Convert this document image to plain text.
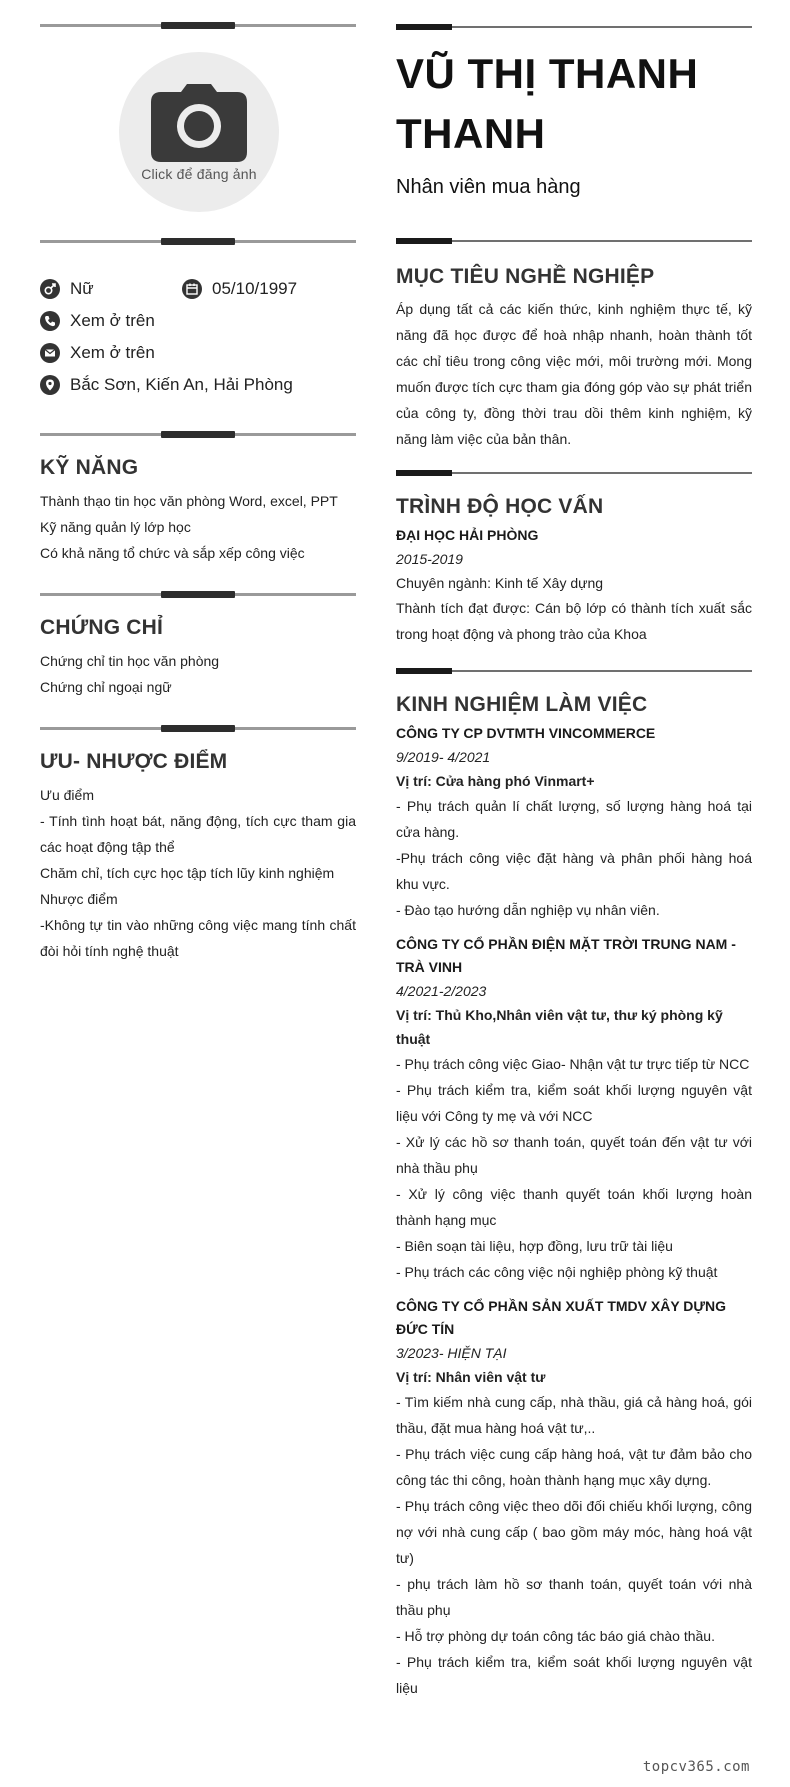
Click để đăng ảnh
Nữ	05/10/1997
Xem ở trên
Xem ở trên
Bắc Sơn, Kiến An, Hải Phòng
KỸ NĂNG
Thành thạo tin học văn phòng Word, excel, PPT
Kỹ năng quản lý lớp học
Có khả năng tổ chức và sắp xếp công việc
CHỨNG CHỈ
Chứng chỉ tin học văn phòng
Chứng chỉ ngoại ngữ
ƯU- NHƯỢC ĐIỂM
Ưu điểm
- Tính tình hoạt bát, năng động, tích cực tham gia các hoạt động tập thể
Chăm chỉ, tích cực học tập tích lũy kinh nghiệm
Nhược điểm
-Không tự tin vào những công việc mang tính chất đòi hỏi tính nghệ thuật
VŨ THỊ THANH THANH
Nhân viên mua hàng
MỤC TIÊU NGHỀ NGHIỆP
Áp dụng tất cả các kiến thức, kinh nghiệm thực tế, kỹ năng đã học được để hoà nhập nhanh, hoàn thành tốt các chỉ tiêu trong công việc mới, môi trường mới. Mong muốn được tích cực tham gia đóng góp vào sự phát triển của công ty, đồng thời trau dồi thêm kinh nghiệm, kỹ năng làm việc của bản thân.
TRÌNH ĐỘ HỌC VẤN
ĐẠI HỌC HẢI PHÒNG
2015-2019
Chuyên ngành: Kinh tế Xây dựng
Thành tích đạt được: Cán bộ lớp có thành tích xuất sắc trong hoạt động và phong trào của Khoa
KINH NGHIỆM LÀM VIỆC
CÔNG TY CP DVTMTH VINCOMMERCE
9/2019- 4/2021
Vị trí: Cửa hàng phó Vinmart+
- Phụ trách quản lí chất lượng, số lượng hàng hoá tại cửa hàng.
-Phụ trách công việc đặt hàng và phân phối hàng hoá khu vực.
- Đào tạo hướng dẫn nghiệp vụ nhân viên.
CÔNG TY CỔ PHẦN ĐIỆN MẶT TRỜI TRUNG NAM -TRÀ VINH
4/2021-2/2023
Vị trí: Thủ Kho,Nhân viên vật tư, thư ký phòng kỹ thuật
- Phụ trách công việc Giao- Nhận vật tư trực tiếp từ NCC
- Phụ trách kiểm tra, kiểm soát khối lượng nguyên vật liệu với Công ty mẹ và với NCC
- Xử lý các hồ sơ thanh toán, quyết toán đến vật tư với nhà thầu phụ
- Xử lý công việc thanh quyết toán khối lượng hoàn thành hạng mục
- Biên soạn tài liệu, hợp đồng, lưu trữ tài liệu
- Phụ trách các công việc nội nghiệp phòng kỹ thuật
CÔNG TY CỔ PHẦN SẢN XUẤT TMDV XÂY DỰNG ĐỨC TÍN
3/2023- HIỆN TẠI
Vị trí: Nhân viên vật tư
- Tìm kiếm nhà cung cấp, nhà thầu, giá cả hàng hoá, gói thầu, đặt mua hàng hoá vật tư,..
- Phụ trách việc cung cấp hàng hoá, vật tư đảm bảo cho công tác thi công, hoàn thành hạng mục xây dựng.
- Phụ trách công việc theo dõi đối chiếu khối lượng, công nợ với nhà cung cấp ( bao gồm máy móc, hàng hoá vật tư)
- phụ trách làm hồ sơ thanh toán, quyết toán với nhà thầu phụ
- Hỗ trợ phòng dự toán công tác báo giá chào thầu.
- Phụ trách kiểm tra, kiểm soát khối lượng nguyên vật liệu
topcv365.com
